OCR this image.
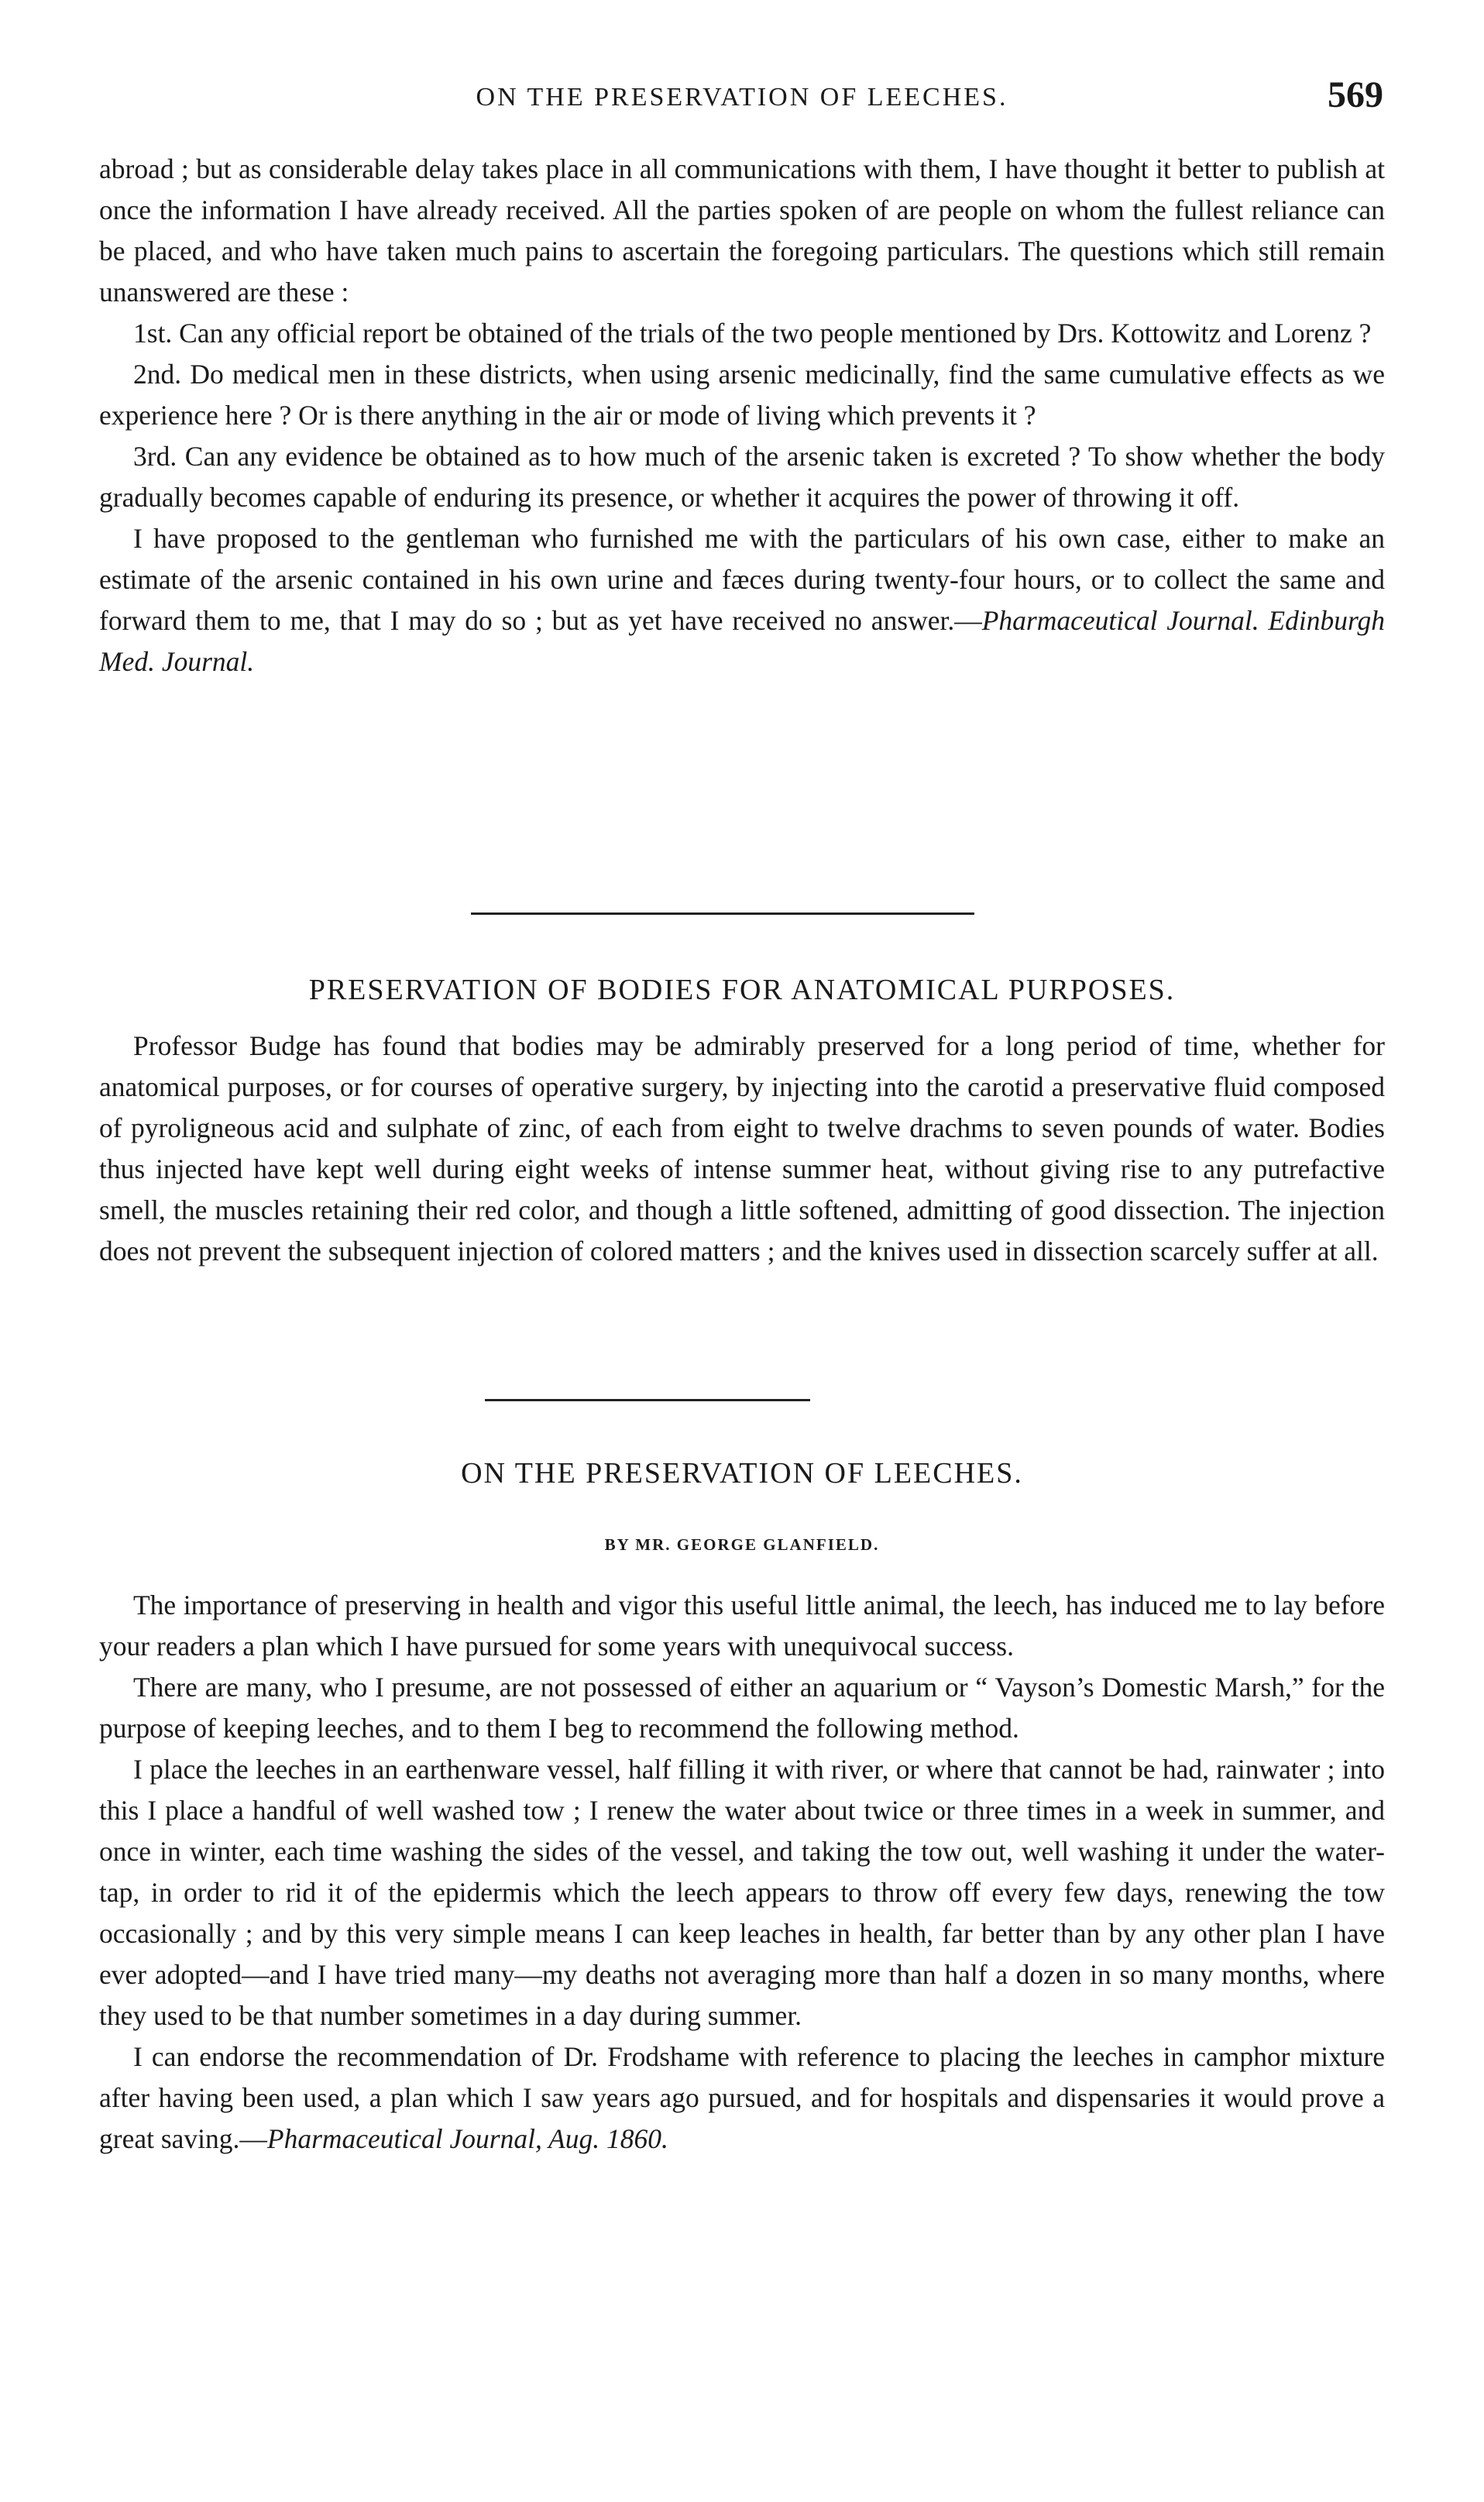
ON THE PRESERVATION OF LEECHES.	569

abroad ; but as considerable delay takes place in all communications with them, I have thought it better to publish at once the information I have already received. All the parties spoken of are people on whom the fullest reliance can be placed, and who have taken much pains to ascertain the foregoing particulars. The questions which still remain unanswered are these :

1st. Can any official report be obtained of the trials of the two people mentioned by Drs. Kottowitz and Lorenz ?

2nd. Do medical men in these districts, when using arsenic medicinally, find the same cumulative effects as we experience here ? Or is there anything in the air or mode of living which prevents it ?

3rd. Can any evidence be obtained as to how much of the arsenic taken is excreted ? To show whether the body gradually becomes capable of enduring its presence, or whether it acquires the power of throwing it off.

I have proposed to the gentleman who furnished me with the particulars of his own case, either to make an estimate of the arsenic contained in his own urine and fæces during twenty-four hours, or to collect the same and forward them to me, that I may do so ; but as yet have received no answer.—Pharmaceutical Journal. Edinburgh Med. Journal.

PRESERVATION OF BODIES FOR ANATOMICAL PURPOSES.

Professor Budge has found that bodies may be admirably preserved for a long period of time, whether for anatomical purposes, or for courses of operative surgery, by injecting into the carotid a preservative fluid composed of pyroligneous acid and sulphate of zinc, of each from eight to twelve drachms to seven pounds of water. Bodies thus injected have kept well during eight weeks of intense summer heat, without giving rise to any putrefactive smell, the muscles retaining their red color, and though a little softened, admitting of good dissection. The injection does not prevent the subsequent injection of colored matters ; and the knives used in dissection scarcely suffer at all.

ON THE PRESERVATION OF LEECHES.
BY MR. GEORGE GLANFIELD.

The importance of preserving in health and vigor this useful little animal, the leech, has induced me to lay before your readers a plan which I have pursued for some years with unequivocal success.

There are many, who I presume, are not possessed of either an aquarium or “ Vayson’s Domestic Marsh,” for the purpose of keeping leeches, and to them I beg to recommend the following method.

I place the leeches in an earthenware vessel, half filling it with river, or where that cannot be had, rainwater ; into this I place a handful of well washed tow ; I renew the water about twice or three times in a week in summer, and once in winter, each time washing the sides of the vessel, and taking the tow out, well washing it under the water-tap, in order to rid it of the epidermis which the leech appears to throw off every few days, renewing the tow occasionally ; and by this very simple means I can keep leaches in health, far better than by any other plan I have ever adopted—and I have tried many—my deaths not averaging more than half a dozen in so many months, where they used to be that number sometimes in a day during summer.

I can endorse the recommendation of Dr. Frodshame with reference to placing the leeches in camphor mixture after having been used, a plan which I saw years ago pursued, and for hospitals and dispensaries it would prove a great saving.—Pharmaceutical Journal, Aug. 1860.
